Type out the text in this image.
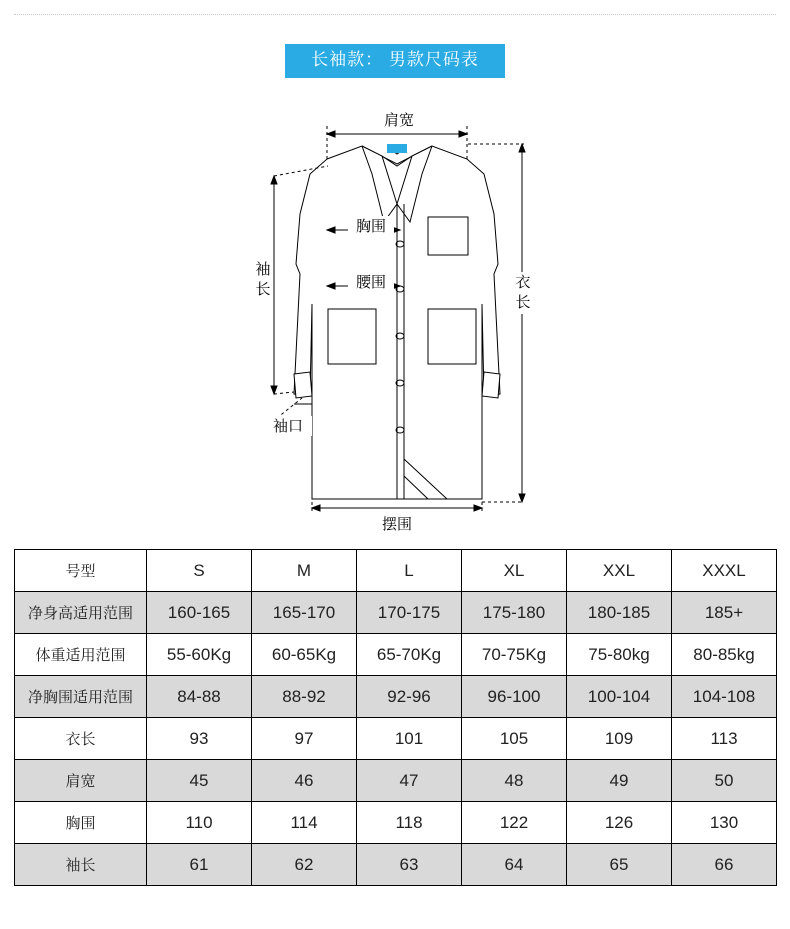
长袖款： 男款尺码表
肩宽
胸围
腰围
袖
长	衣
长
袖口
摆围
号型	S	M	L	XL	XXL	XXXL
净身高适用范围	160-165	165-170	170-175	175-180	180-185	185+
体重适用范围	55-60Kg	60-65Kg	65-70Kg	70-75Kg	75-80kg	80-85kg
净胸围适用范围	84-88	88-92	92-96	96-100	100-104	104-108
衣长	93	97	101	105	109	113
肩宽	45	46	47	48	49	50
胸围	110	114	118	122	126	130
袖长	61	62	63	64	65	66
